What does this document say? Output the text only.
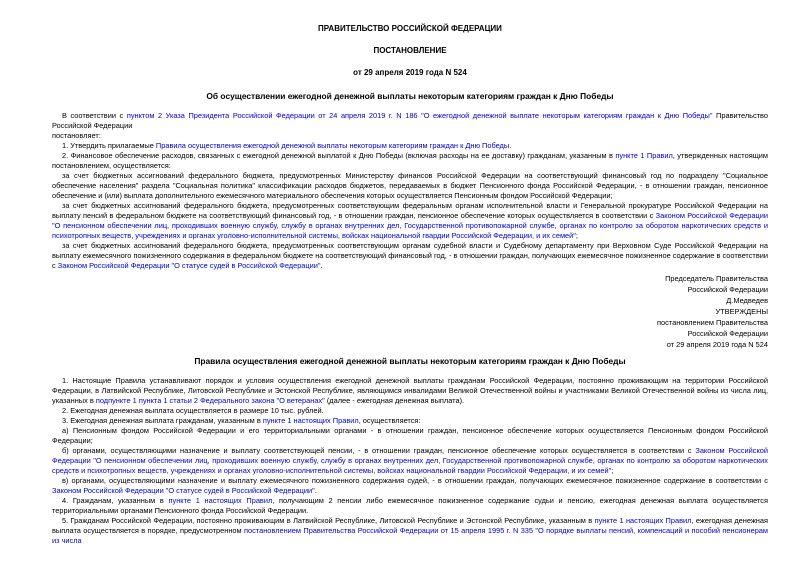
ПРАВИТЕЛЬСТВО РОССИЙСКОЙ ФЕДЕРАЦИИ
ПОСТАНОВЛЕНИЕ
от 29 апреля 2019 года N 524
Об осуществлении ежегодной денежной выплаты некоторым категориям граждан к Дню Победы

В соответствии с пунктом 2 Указа Президента Российской Федерации от 24 апреля 2019 г. N 186 "О ежегодной денежной выплате некоторым категориям граждан к Дню Победы" Правительство Российской Федерации

постановляет:

1. Утвердить прилагаемые Правила осуществления ежегодной денежной выплаты некоторым категориям граждан к Дню Победы.

2. Финансовое обеспечение расходов, связанных с ежегодной денежной выплатой к Дню Победы (включая расходы на ее доставку) гражданам, указанным в пункте 1 Правил, утвержденных настоящим постановлением, осуществляется:

за счет бюджетных ассигнований федерального бюджета, предусмотренных Министерству финансов Российской Федерации на соответствующий финансовый год по подразделу "Социальное обеспечение населения" раздела "Социальная политика" классификации расходов бюджетов, передаваемых в бюджет Пенсионного фонда Российской Федерации, - в отношении граждан, пенсионное обеспечение и (или) выплата дополнительного ежемесячного материального обеспечения которых осуществляется Пенсионным фондом Российской Федерации;

за счет бюджетных ассигнований федерального бюджета, предусмотренных соответствующим федеральным органам исполнительной власти и Генеральной прокуратуре Российской Федерации на выплату пенсий в федеральном бюджете на соответствующий финансовый год, - в отношении граждан, пенсионное обеспечение которых осуществляется в соответствии с Законом Российской Федерации "О пенсионном обеспечении лиц, проходивших военную службу, службу в органах внутренних дел, Государственной противопожарной службе, органах по контролю за оборотом наркотических средств и психотропных веществ, учреждениях и органах уголовно-исполнительной системы, войсках национальной гвардии Российской Федерации, и их семей";

за счет бюджетных ассигнований федерального бюджета, предусмотренных соответствующим органам судебной власти и Судебному департаменту при Верховном Суде Российской Федерации на выплату ежемесячного пожизненного содержания в федеральном бюджете на соответствующий финансовый год, - в отношении граждан, получающих ежемесячное пожизненное содержание в соответствии с Законом Российской Федерации "О статусе судей в Российской Федерации".

Председатель Правительства
Российской Федерации
Д.Медведев
УТВЕРЖДЕНЫ
постановлением Правительства
Российской Федерации
от 29 апреля 2019 года N 524
Правила осуществления ежегодной денежной выплаты некоторым категориям граждан к Дню Победы

1. Настоящие Правила устанавливают порядок и условия осуществления ежегодной денежной выплаты гражданам Российской Федерации, постоянно проживающим на территории Российской Федерации, в Латвийской Республике, Литовской Республике и Эстонской Республике, являющимся инвалидами Великой Отечественной войны и участниками Великой Отечественной войны из числа лиц, указанных в подпункте 1 пункта 1 статьи 2 Федерального закона "О ветеранах" (далее - ежегодная денежная выплата).

2. Ежегодная денежная выплата осуществляется в размере 10 тыс. рублей.

3. Ежегодная денежная выплата гражданам, указанным в пункте 1 настоящих Правил, осуществляется:

а) Пенсионным фондом Российской Федерации и его территориальными органами - в отношении граждан, пенсионное обеспечение которых осуществляется Пенсионным фондом Российской Федерации;

б) органами, осуществляющими назначение и выплату соответствующей пенсии, - в отношении граждан, пенсионное обеспечение которых осуществляется в соответствии с Законом Российской Федерации "О пенсионном обеспечении лиц, проходивших военную службу, службу в органах внутренних дел, Государственной противопожарной службе, органах по контролю за оборотом наркотических средств и психотропных веществ, учреждениях и органах уголовно-исполнительной системы, войсках национальной гвардии Российской Федерации, и их семей";

в) органами, осуществляющими назначение и выплату ежемесячного пожизненного содержания судей, - в отношении граждан, получающих ежемесячное пожизненное содержание в соответствии с Законом Российской Федерации "О статусе судей в Российской Федерации".

4. Гражданам, указанным в пункте 1 настоящих Правил, получающим 2 пенсии либо ежемесячное пожизненное содержание судьи и пенсию, ежегодная денежная выплата осуществляется территориальными органами Пенсионного фонда Российской Федерации.

5. Гражданам Российской Федерации, постоянно проживающим в Латвийской Республике, Литовской Республике и Эстонской Республике, указанным в пункте 1 настоящих Правил, ежегодная денежная выплата осуществляется в порядке, предусмотренном постановлением Правительства Российской Федерации от 15 апреля 1995 г. N 335 "О порядке выплаты пенсий, компенсаций и пособий пенсионерам из числа
